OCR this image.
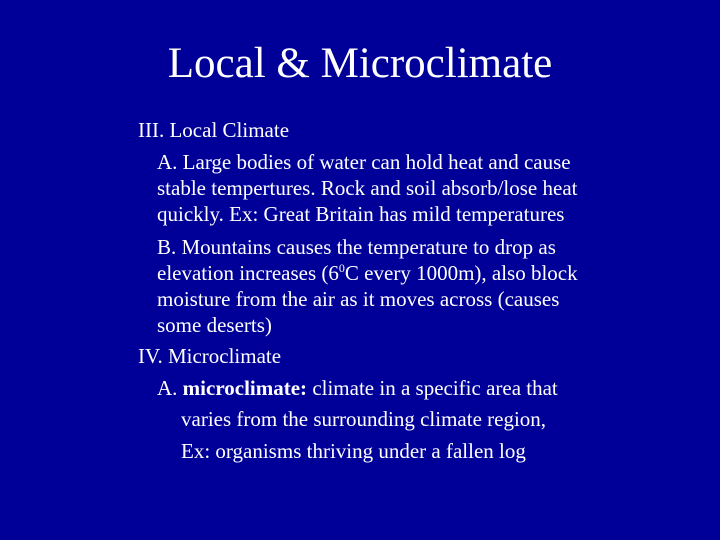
Local & Microclimate
III. Local Climate
A. Large bodies of water can hold heat and cause
stable tempertures. Rock and soil absorb/lose heat
quickly. Ex: Great Britain has mild temperatures
B. Mountains causes the temperature to drop as
elevation increases ($6^0C$ every 1000m), also block
moisture from the air as it moves across (causes
some deserts)
IV. Microclimate
A. microclimate: climate in a specific area that
varies from the surrounding climate region,
Ex: organisms thriving under a fallen log
